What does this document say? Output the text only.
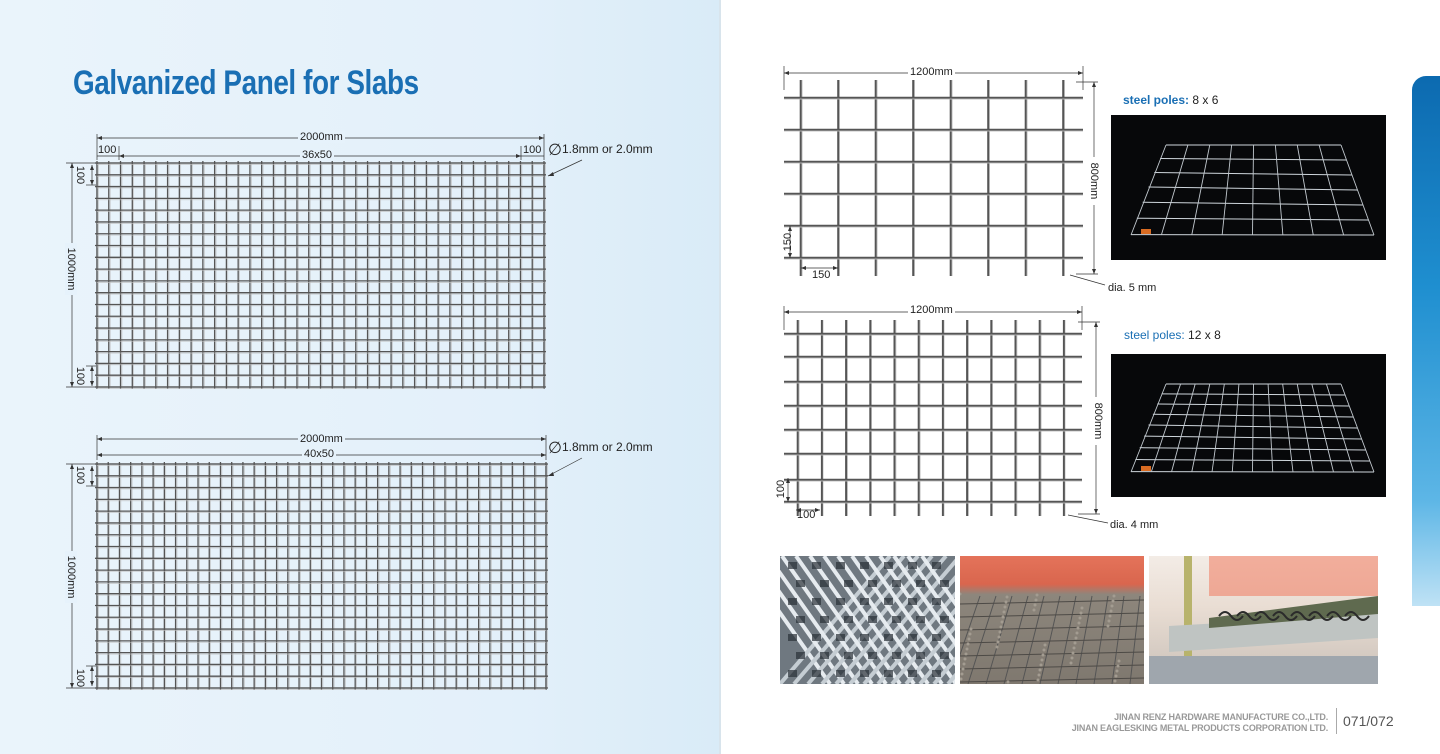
Galvanized Panel for Slabs
2000mm
100	100
36x50	∅1.8mm or 2.0mm
1000mm
100
100
2000mm
40x50	∅1.8mm or 2.0mm
1000mm
100
100
1200mm
800mm
150
150
dia. 5 mm
steel poles: 8 x 6
1200mm
800mm
100
100
dia. 4 mm
steel poles: 12 x 8
JINAN RENZ HARDWARE MANUFACTURE CO.,LTD.
JINAN EAGLESKING METAL PRODUCTS CORPORATION LTD.	071/072
